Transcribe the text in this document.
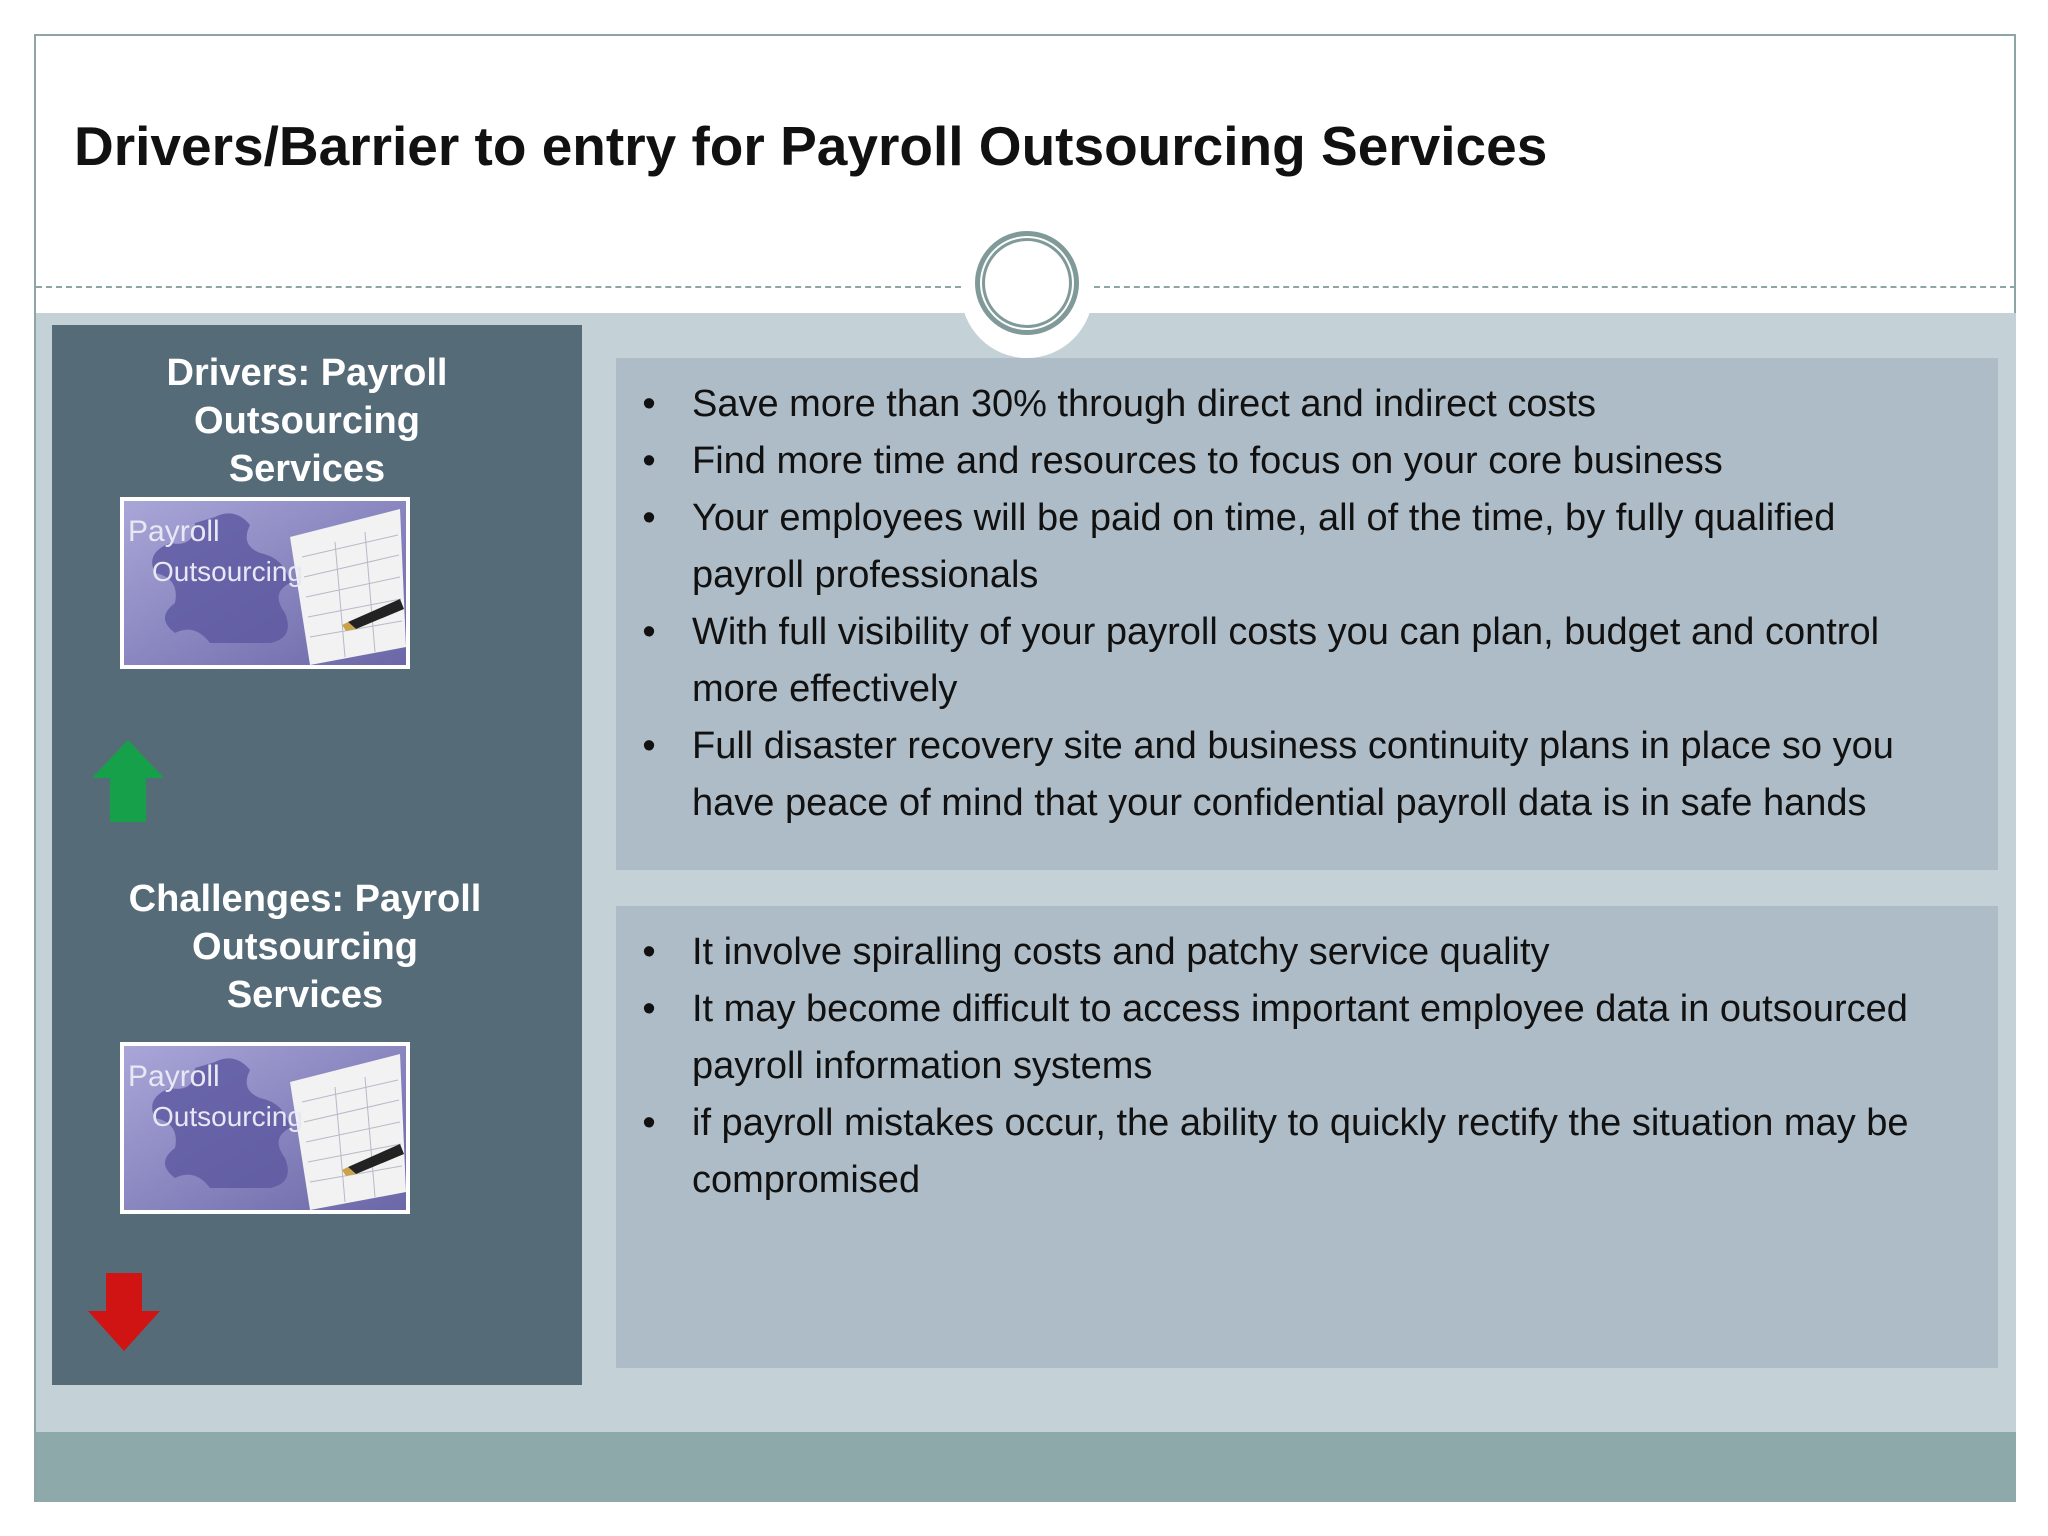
Drivers/Barrier to entry for Payroll Outsourcing Services
Drivers: Payroll
Outsourcing
Services
Payroll
Outsourcing
Challenges: Payroll
Outsourcing
Services
Payroll
Outsourcing
• Save more than 30% through direct and indirect costs
• Find more time and resources to focus on your core business
• Your employees will be paid on time, all of the time, by fully qualified
payroll professionals
• With full visibility of your payroll costs you can plan, budget and control
more effectively
• Full disaster recovery site and business continuity plans in place so you
have peace of mind that your confidential payroll data is in safe hands
• It involve spiralling costs and patchy service quality
• It may become difficult to access important employee data in outsourced
payroll information systems
• if payroll mistakes occur, the ability to quickly rectify the situation may be
compromised
